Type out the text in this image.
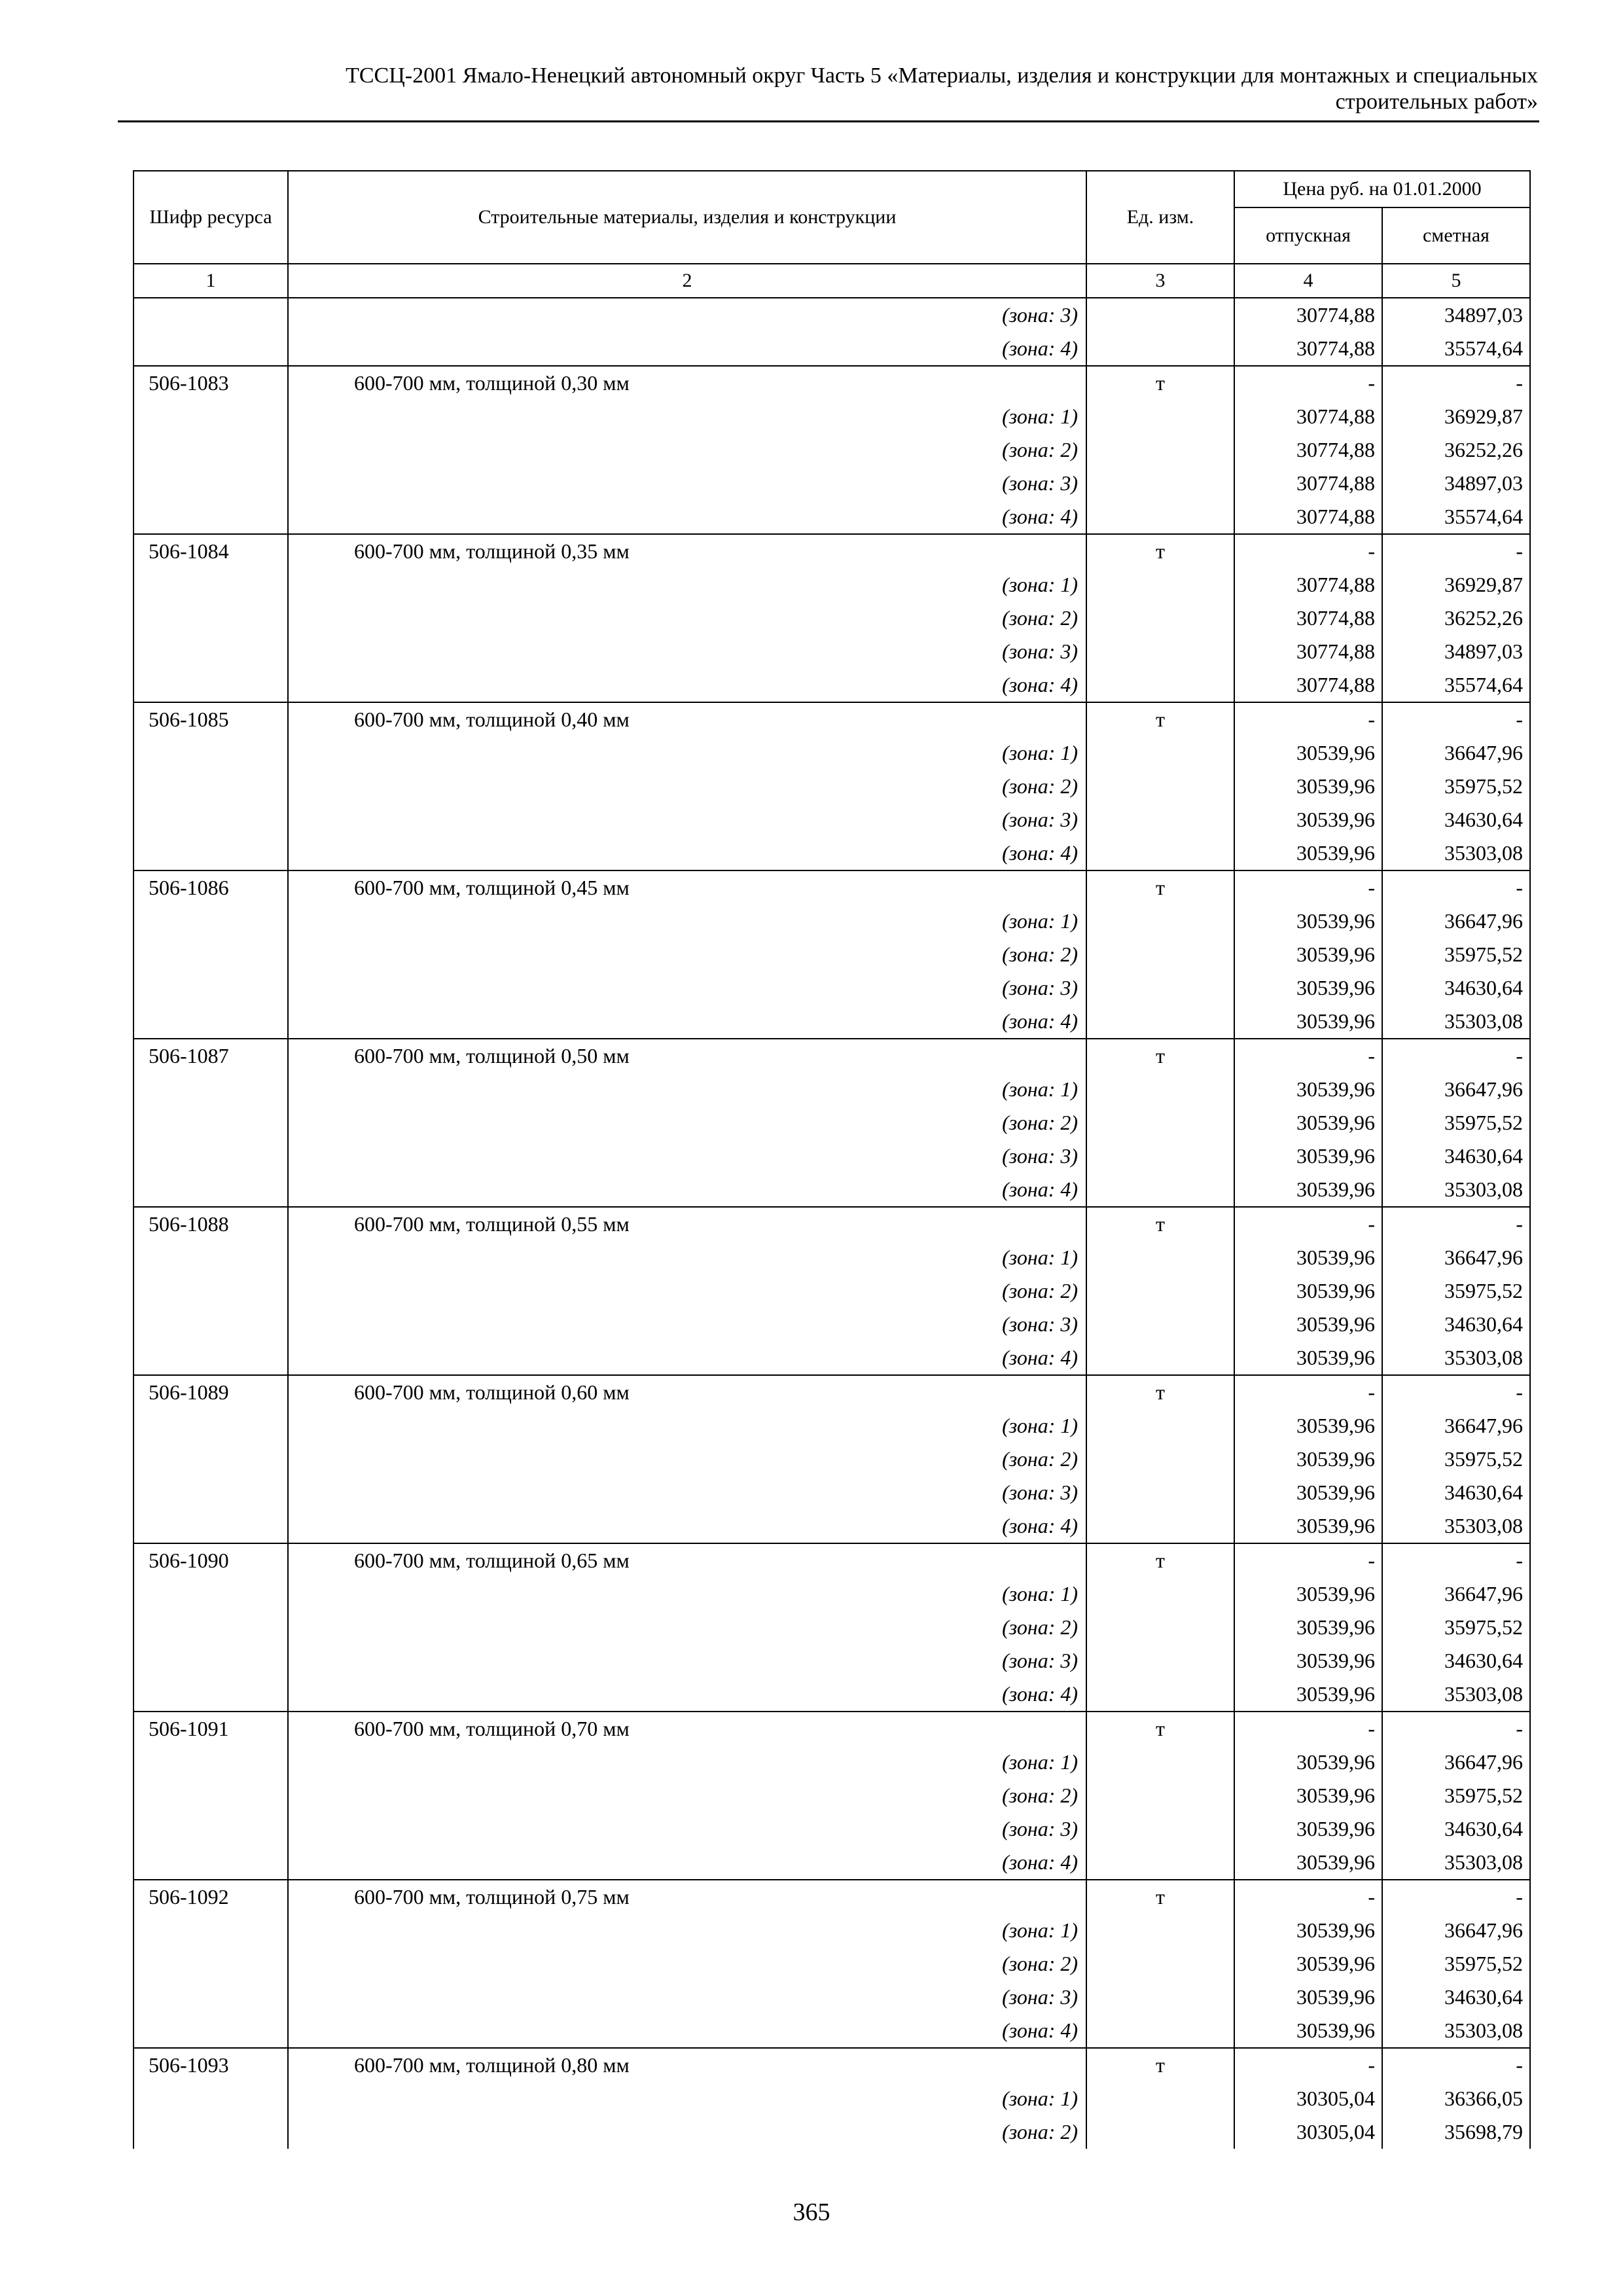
ТССЦ-2001 Ямало-Ненецкий автономный округ Часть 5 «Материалы, изделия и конструкции для монтажных и специальных
строительных работ»
Шифр ресурса	Строительные материалы, изделия и конструкции	Ед. изм.	Цена руб. на 01.01.2000	
			отпускная	сметная
1	2	3	4	5
	(зона: 3)		30774,88	34897,03
	(зона: 4)		30774,88	35574,64
506-1083	600-700 мм, толщиной 0,30 мм	т	-	-
	(зона: 1)		30774,88	36929,87
	(зона: 2)		30774,88	36252,26
	(зона: 3)		30774,88	34897,03
	(зона: 4)		30774,88	35574,64
506-1084	600-700 мм, толщиной 0,35 мм	т	-	-
	(зона: 1)		30774,88	36929,87
	(зона: 2)		30774,88	36252,26
	(зона: 3)		30774,88	34897,03
	(зона: 4)		30774,88	35574,64
506-1085	600-700 мм, толщиной 0,40 мм	т	-	-
	(зона: 1)		30539,96	36647,96
	(зона: 2)		30539,96	35975,52
	(зона: 3)		30539,96	34630,64
	(зона: 4)		30539,96	35303,08
506-1086	600-700 мм, толщиной 0,45 мм	т	-	-
	(зона: 1)		30539,96	36647,96
	(зона: 2)		30539,96	35975,52
	(зона: 3)		30539,96	34630,64
	(зона: 4)		30539,96	35303,08
506-1087	600-700 мм, толщиной 0,50 мм	т	-	-
	(зона: 1)		30539,96	36647,96
	(зона: 2)		30539,96	35975,52
	(зона: 3)		30539,96	34630,64
	(зона: 4)		30539,96	35303,08
506-1088	600-700 мм, толщиной 0,55 мм	т	-	-
	(зона: 1)		30539,96	36647,96
	(зона: 2)		30539,96	35975,52
	(зона: 3)		30539,96	34630,64
	(зона: 4)		30539,96	35303,08
506-1089	600-700 мм, толщиной 0,60 мм	т	-	-
	(зона: 1)		30539,96	36647,96
	(зона: 2)		30539,96	35975,52
	(зона: 3)		30539,96	34630,64
	(зона: 4)		30539,96	35303,08
506-1090	600-700 мм, толщиной 0,65 мм	т	-	-
	(зона: 1)		30539,96	36647,96
	(зона: 2)		30539,96	35975,52
	(зона: 3)		30539,96	34630,64
	(зона: 4)		30539,96	35303,08
506-1091	600-700 мм, толщиной 0,70 мм	т	-	-
	(зона: 1)		30539,96	36647,96
	(зона: 2)		30539,96	35975,52
	(зона: 3)		30539,96	34630,64
	(зона: 4)		30539,96	35303,08
506-1092	600-700 мм, толщиной 0,75 мм	т	-	-
	(зона: 1)		30539,96	36647,96
	(зона: 2)		30539,96	35975,52
	(зона: 3)		30539,96	34630,64
	(зона: 4)		30539,96	35303,08
506-1093	600-700 мм, толщиной 0,80 мм	т	-	-
	(зона: 1)		30305,04	36366,05
	(зона: 2)		30305,04	35698,79
365
